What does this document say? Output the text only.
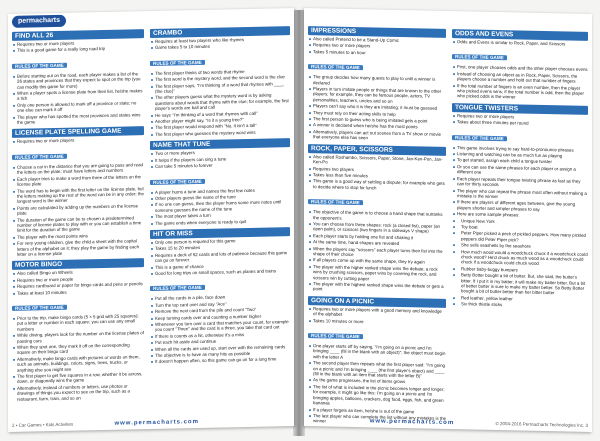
permacharts
FIND ALL 26
Requires two or more players
This is a good game for a really long road trip
RULES OF THE GAME
Before starting out on the road, each player makes a list of the 26 states and provinces that they expect to spot on the trip (you can modify this game for more)
When a player spots a license plate from their list, he/she makes a tick
Only one person is allowed to mark off a province or state; no one else can mark it off
The player who has spotted the most provinces and states wins the game
LICENSE PLATE SPELLING GAME
Requires two or more players
RULES OF THE GAME
Choose a car in the distance that you are going to pass and read the letters on the plate; must have letters and numbers
Each player tries to make a word from three of the letters on the license plate
The word has to begin with the first letter on the license plate, but the letters making up the rest of the word can be in any order; the longest word is the winner
Points are calculated by adding up the numbers on the license plate
The duration of the game can be to chosen a predetermined number of license plates to play with or you can establish a time limit for the duration of the game
The player with the most points wins
For very young children, give the child a sheet with the capital letters of the alphabet on it; they play the game by finding each letter on a license plate
MOTOR BINGO
Also called Bingo on Wheels
Requires two or more people
Requires cardboard or paper for bingo cards and pens or pencils
Takes at least 10 minutes
RULES OF THE GAME
Prior to the trip, make bingo cards (5 × 5 grid with 25 squares); put a letter or number in each square; you can use any small numbers
While driving, players look for the number on the license plates of passing cars
When they spot one, they mark it off on the corresponding square on their bingo card
Alternatively, make bingo cards with pictures or words on them, such as animals, buildings, colors, signs, trees, trucks, or anything else you might see
The first player to get five squares in a row, whether it be across, down, or diagonally wins the game
Alternatively, instead of numbers or letters, use photos or drawings of things you expect to see on the trip, such as a restaurant, farm, train, and so on
CRAMBO
Requires at least two players who like rhymes
Game takes 5 to 10 minutes
RULES OF THE GAME
The first player thinks of two words that rhyme
The first word is the mystery word, and the second word is the clue
The first player says, "I'm thinking of a word that rhymes with ____ (the clue)"
The other players guess what the mystery word is by asking questions about words that rhyme with the clue; for example, the first player's words are ball and call
He says "I'm thinking of a word that rhymes with call"
Another player might say, "Is it a young tree?"
The first player would respond with "No, it isn't a tall"
The first player who guesses the mystery word wins
NAME THAT TUNE
Two or more players
It helps if the players can sing a tune
Can take 5 minutes to forever
RULES OF THE GAME
A player hums a tune and names the first few notes
Other players guess the name of the tune
If no one can guess, then the player hums some more notes until someone guesses the name of the tune
The most player takes a turn
The game ends when everyone is ready to quit
HIT OR MISS
Only one person is required for this game
Takes 15 to 20 minutes
Requires a deck of 52 cards and lots of patience because this game can go on forever
This is a game of chance
Good for long trips on small spaces, such as planes and trains
RULES OF THE GAME
Put all the cards in a pile, face down
Turn the top card over and say "Ace"
Remove the next card from the pile and count "Two"
Keep turning cards over and counting a number higher
Whenever you turn over a card that matches your count, for example you count "Three" and the card is a three, you take that card out
If there is counts as a hit, otherwise it's a miss
Put each hit aside and continue
When all the cards are used up, start over with the remaining cards
The objective is to have as many hits as possible
It doesn't happen often, so this game can go on for a long time
2 • Car Games • Kids Activities	www.permacharts.com
IMPRESSIONS
Also called Pretend to be a Stand-Up Comic
Requires two or more players
Takes 5 minutes to an hour
RULES OF THE GAME
The group decides how many guests to play to until a winner is declared
Players in turn imitate people or things that are known to the other players; for example, they can be famous people, actors, TV personalities, teachers, uncles and so on
Players can't say who it is they are imitating; it must be guessed
They must rely on their acting skills to help
The first person to guess who is being imitated gets a point
A winner is declared when he/she has the most points
Alternatively, players can act out scenes from a TV show or movie that everyone else has seen
ROCK, PAPER, SCISSORS
Also called Roshambo, Scissors, Paper, Stone, Jan-Ken-Pon, Jan-Ken-Po
Requires two players
Takes less than five minutes
This game is a good way of settling a dispute; for example who gets to decide where to stop for lunch
RULES OF THE GAME
The objective of the game is to choose a hand shape that outranks the opponent's
You can choose from three shapes: rock (a closed fist), paper (an open palm), or scissors (two fingers in a sideways V shape)
Each player starts by holding one fist and shaking it
At the same time, hand shapes are revealed
When the players say "scissors" each player turns their fist into the shape of their choice
If all players come up with the same shape, they try again
The player with the higher ranked shape wins the debate; a rock wins by crushing scissors, paper wins by covering the rock, and scissors win by cutting paper
The player with the highest ranked shape wins the debate or gets a point
GOING ON A PICNIC
Requires two or more players with a good memory and knowledge of the alphabet
Takes 10 minutes or more
RULES OF THE GAME
One player starts off by saying, "I'm going on a picnic and I'm bringing ____ (fill in the blank with an object)"; the object must begin with the letter A
The second player then repeats what the first player said: "I'm going on a picnic and I'm bringing ____ (the first player's object) and ____ (fill in the blank with an item that starts with the letter B)"
As the game progresses, the list of items grows
The list of what is included in the picnic becomes longer and longer; for example, it might go like this: I'm going on a picnic and I'm bringing apples, balloons, crackers, dog food, eggs, fish, and green bananas
If a player forgets an item, he/she is out of the game
The last player who can complete the list without any mistakes is the winner
ODDS AND EVENS
Odds and Evens is similar to Rock, Paper, and Scissors
RULES OF THE GAME
First, one player chooses odds and the other player chooses evens
Instead of choosing an object as in Rock, Paper, Scissors, the players choose a number and hold out that number of fingers
If the total number of fingers is an even number, then the player who picked evens wins; if the total number is odd, then the player who picked odds is the winner
TONGUE TWISTERS
Requires two or more players
Takes about three minutes per round
RULES OF THE GAME
This game involves trying to say hard-to-pronounce phrases
Listening and watching can be as much fun as playing
To get started, assign each child a tongue twister
Or you can use the same phrases for each player or assign a different one
Each player repeats their tongue twisting phrase as fast as they can for thirty seconds
The player who can repeat the phrase most often without making a mistake is the winner
If there are players of different ages between, give the young players shorter and simpler phrases to say
Here are some sample phrases:
Unique New York
Toy boat
Peter Piper picked a peck of pickled peppers. How many pickled peppers did Peter Piper pick?
She sells seashells by the seashore
How much wood would a woodchuck chuck if a woodchuck could chuck wood? He'd chuck as much wood as a woodchuck could chuck if a woodchuck could chuck wood
Rubber baby-buggy bumpers
Betty Botter bought a bit of butter. But, she said, the butter's bitter. If I put it in my batter, it will make my batter bitter. But a bit of better butter is sure to make my batter better. So Betty Botter bought a bit of butter better than her bitter butter
Red leather, yellow leather
Six thick thistle sticks
www.permacharts.com	© 2004-2016 Permacharts Technologies Inc. 3
